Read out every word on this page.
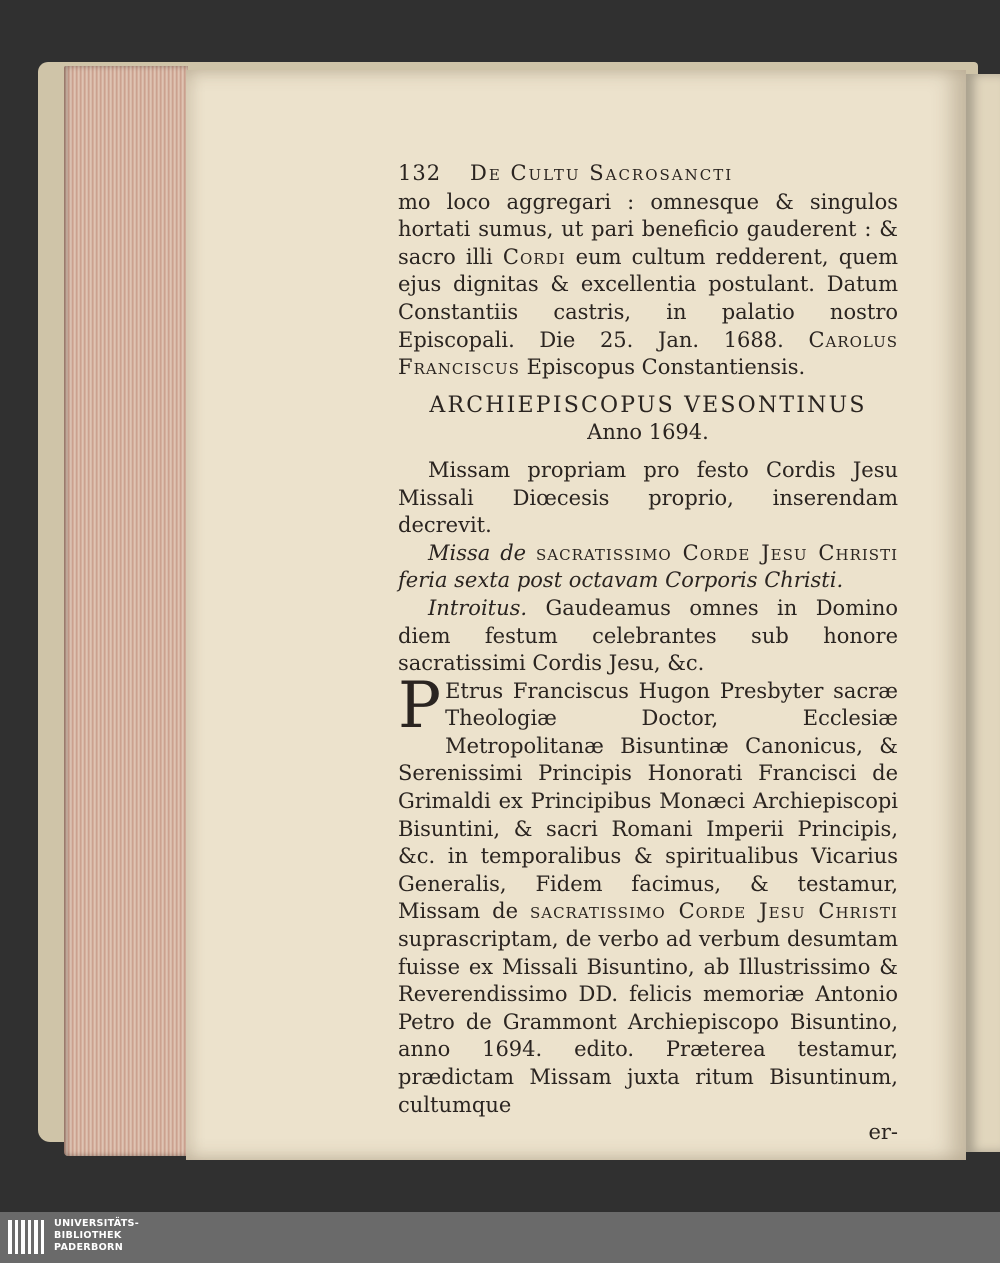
132	De Cultu Sacrosancti

mo loco aggregari : omnesque & singulos hortati sumus, ut pari beneficio gauderent : & sacro illi Cordi eum cultum redderent, quem ejus dignitas & excellentia postulant. Datum Constantiis castris, in palatio nostro Episcopali. Die 25. Jan. 1688. Carolus Franciscus Episcopus Constantiensis.

ARCHIEPISCOPUS VESONTINUS
Anno 1694.

Missam propriam pro festo Cordis Jesu Missali Diœcesis proprio, inserendam decrevit.

Missa de sacratissimo Corde Jesu Christi feria sexta post octavam Corporis Christi.

Introitus. Gaudeamus omnes in Domino diem festum celebrantes sub honore sacratissimi Cordis Jesu, &c.

P Etrus Franciscus Hugon Presbyter sacræ Theologiæ Doctor, Ecclesiæ Metropolitanæ Bisuntinæ Canonicus, & Serenissimi Principis Honorati Francisci de Grimaldi ex Principibus Monæci Archiepiscopi Bisuntini, & sacri Romani Imperii Principis, &c. in temporalibus & spiritualibus Vicarius Generalis, Fidem facimus, & testamur, Missam de sacratissimo Corde Jesu Christi suprascriptam, de verbo ad verbum desumtam fuisse ex Missali Bisuntino, ab Illustrissimo & Reverendissimo DD. felicis memoriæ Antonio Petro de Grammont Archiepiscopo Bisuntino, anno 1694. edito. Præterea testamur, prædictam Missam juxta ritum Bisuntinum, cultumque

er-

UNIVERSITÄTS-
BIBLIOTHEK
PADERBORN
